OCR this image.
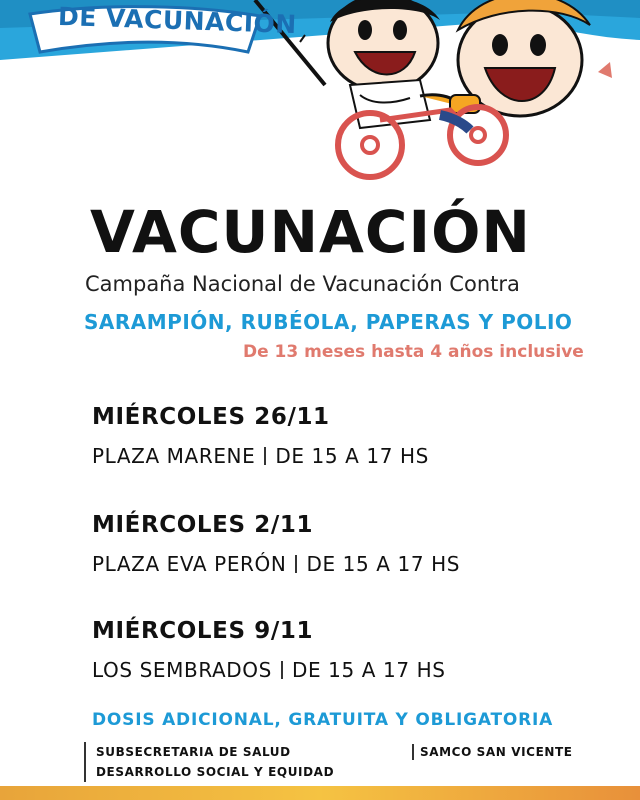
DE VACUNACIÓN
VACUNACIÓN
Campaña Nacional de Vacunación Contra
SARAMPIÓN, RUBÉOLA, PAPERAS Y POLIO
De 13 meses hasta 4 años inclusive
MIÉRCOLES 26/11
PLAZA MARENE DE 15 A 17 HS
MIÉRCOLES 2/11
PLAZA EVA PERÓN DE 15 A 17 HS
MIÉRCOLES 9/11
LOS SEMBRADOS DE 15 A 17 HS
DOSIS ADICIONAL, GRATUITA Y OBLIGATORIA
SUBSECRETARIA DE SALUD
DESARROLLO SOCIAL Y EQUIDAD
SAMCO SAN VICENTE
